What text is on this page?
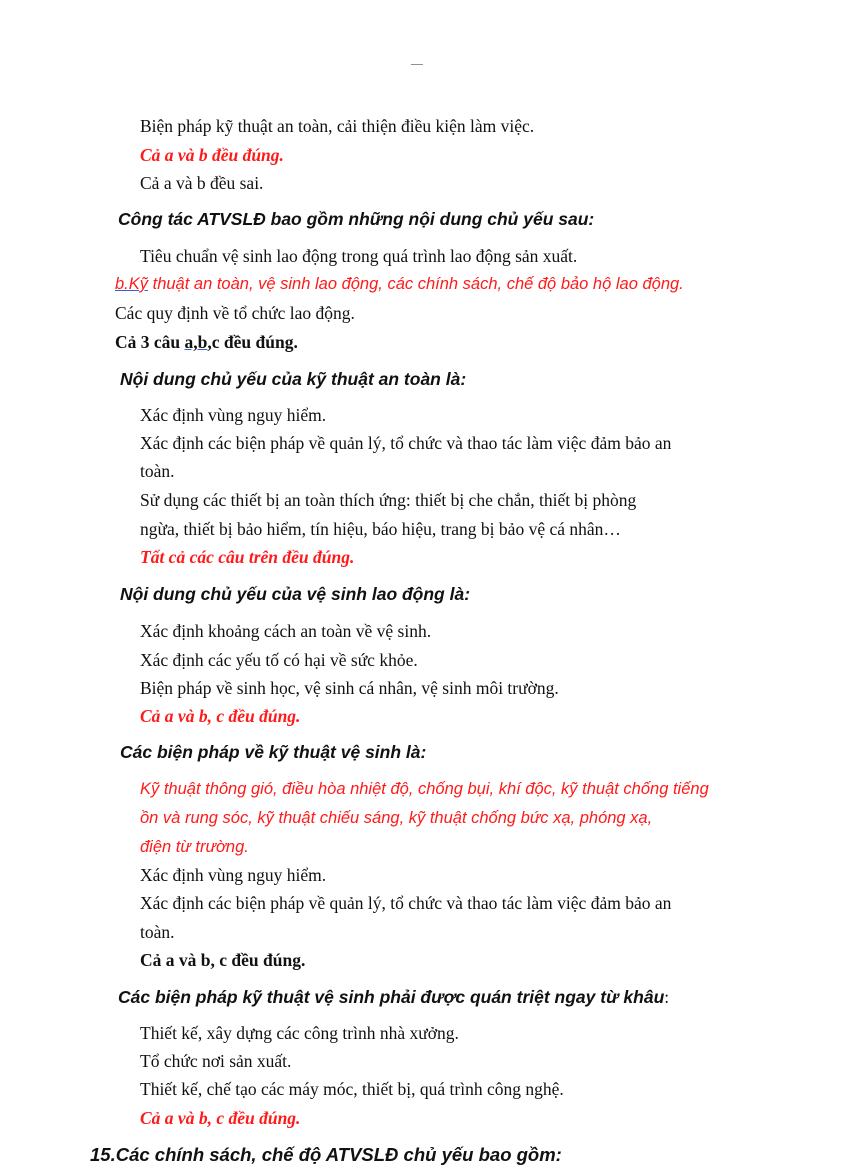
—
Biện pháp kỹ thuật an toàn, cải thiện điều kiện làm việc.
Cả a và b đều đúng.
Cả a và b đều sai.
Công tác ATVSLĐ bao gồm những nội dung chủ yếu sau:
Tiêu chuẩn vệ sinh lao động trong quá trình lao động sản xuất.
b.Kỹ thuật an toàn, vệ sinh lao động, các chính sách, chế độ bảo hộ lao động.
Các quy định về tổ chức lao động.
Cả 3 câu a,b,c đều đúng.
Nội dung chủ yếu của kỹ thuật an toàn là:
Xác định vùng nguy hiểm.
Xác định các biện pháp về quản lý, tổ chức và thao tác làm việc đảm bảo an
toàn.
Sử dụng các thiết bị an toàn thích ứng: thiết bị che chắn, thiết bị phòng
ngừa, thiết bị bảo hiểm, tín hiệu, báo hiệu, trang bị bảo vệ cá nhân…
Tất cả các câu trên đều đúng.
Nội dung chủ yếu của vệ sinh lao động là:
Xác định khoảng cách an toàn về vệ sinh.
Xác định các yếu tố có hại về sức khỏe.
Biện pháp về sinh học, vệ sinh cá nhân, vệ sinh môi trường.
Cả a và b, c đều đúng.
Các biện pháp về kỹ thuật vệ sinh là:
Kỹ thuật thông gió, điều hòa nhiệt độ, chống bụi, khí độc, kỹ thuật chống tiếng
ồn và rung sóc, kỹ thuật chiếu sáng, kỹ thuật chống bức xạ, phóng xạ,
điện từ trường.
Xác định vùng nguy hiểm.
Xác định các biện pháp về quản lý, tổ chức và thao tác làm việc đảm bảo an
toàn.
Cả a và b, c đều đúng.
Các biện pháp kỹ thuật vệ sinh phải được quán triệt ngay từ khâu:
Thiết kế, xây dựng các công trình nhà xưởng.
Tổ chức nơi sản xuất.
Thiết kế, chế tạo các máy móc, thiết bị, quá trình công nghệ.
Cả a và b, c đều đúng.
15.Các chính sách, chế độ ATVSLĐ chủ yếu bao gồm:
